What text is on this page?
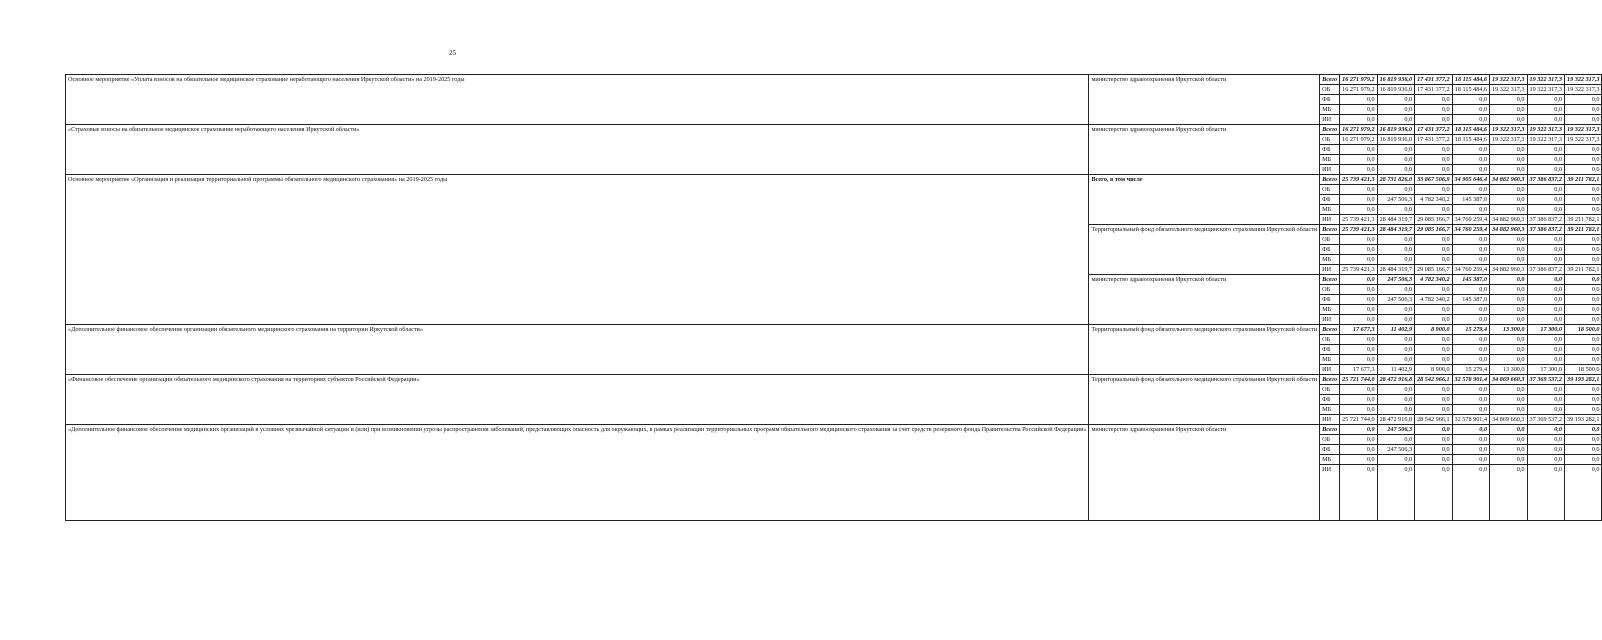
25
Основное мероприятие «Уплата взносов на обязательное медицинское страхование неработающего населения Иркутской области» на 2019-2025 годы	министерство здравоохранения Иркутской области	Всего	16 271 979,2	16 819 936,0	17 431 377,2	18 115 484,6	19 322 317,3	19 322 317,3	19 322 317,3
		ОБ	16 271 979,2	16 819 936,0	17 431 377,2	18 115 484,6	19 322 317,3	19 322 317,3	19 322 317,3
		ФБ	0,0	0,0	0,0	0,0	0,0	0,0	0,0
		МБ	0,0	0,0	0,0	0,0	0,0	0,0	0,0
		ИИ	0,0	0,0	0,0	0,0	0,0	0,0	0,0
«Страховые взносы на обязательное медицинское страхование неработающего населения Иркутской области»	министерство здравоохранения Иркутской области	Всего	16 271 979,2	16 819 936,0	17 431 377,2	18 115 484,6	19 322 317,3	19 322 317,3	19 322 317,3
		ОБ	16 271 979,2	16 819 936,0	17 431 377,2	18 115 484,6	19 322 317,3	19 322 317,3	19 322 317,3
		ФБ	0,0	0,0	0,0	0,0	0,0	0,0	0,0
		МБ	0,0	0,0	0,0	0,0	0,0	0,0	0,0
		ИИ	0,0	0,0	0,0	0,0	0,0	0,0	0,0
Основное мероприятие «Организация и реализация территориальной программы обязательного медицинского страхования» на 2019-2025 годы	Всего, в том числе	Всего	25 739 421,3	28 731 826,0	33 867 506,9	34 905 646,4	34 882 960,3	37 386 837,2	39 211 782,1
		ОБ	0,0	0,0	0,0	0,0	0,0	0,0	0,0
		ФБ	0,0	247 506,3	4 782 340,2	145 387,0	0,0	0,0	0,0
		МБ	0,0	0,0	0,0	0,0	0,0	0,0	0,0
		ИИ	25 739 421,3	28 484 319,7	29 085 166,7	34 760 259,4	34 882 960,3	37 386 837,2	39 211 782,1
	Территориальный фонд обязательного медицинского страхования Иркутской области	Всего	25 739 421,3	28 484 319,7	29 085 166,7	34 760 259,4	34 882 960,3	37 386 837,2	39 211 782,1
		ОБ	0,0	0,0	0,0	0,0	0,0	0,0	0,0
		ФБ	0,0	0,0	0,0	0,0	0,0	0,0	0,0
		МБ	0,0	0,0	0,0	0,0	0,0	0,0	0,0
		ИИ	25 739 421,3	28 484 319,7	29 085 166,7	34 760 259,4	34 882 960,3	37 386 837,2	39 211 782,1
	министерство здравоохранения Иркутской области	Всего	0,0	247 506,3	4 782 340,2	145 387,0	0,0	0,0	0,0
		ОБ	0,0	0,0	0,0	0,0	0,0	0,0	0,0
		ФБ	0,0	247 506,3	4 782 340,2	145 387,0	0,0	0,0	0,0
		МБ	0,0	0,0	0,0	0,0	0,0	0,0	0,0
		ИИ	0,0	0,0	0,0	0,0	0,0	0,0	0,0
«Дополнительное финансовое обеспечение организации обязательного медицинского страхования на территории Иркутской области»	Территориальный фонд обязательного медицинского страхования Иркутской области	Всего	17 677,3	11 402,9	8 900,0	15 279,4	13 300,0	17 300,0	18 500,0
		ОБ	0,0	0,0	0,0	0,0	0,0	0,0	0,0
		ФБ	0,0	0,0	0,0	0,0	0,0	0,0	0,0
		МБ	0,0	0,0	0,0	0,0	0,0	0,0	0,0
		ИИ	17 677,3	11 402,9	8 900,0	15 279,4	13 300,0	17 300,0	18 500,0
«Финансовое обеспечение организации обязательного медицинского страхования на территориях субъектов Российской Федерации»	Территориальный фонд обязательного медицинского страхования Иркутской области	Всего	25 721 744,0	28 472 916,8	28 542 966,1	32 578 901,4	34 869 660,3	37 369 537,2	39 193 282,1
		ОБ	0,0	0,0	0,0	0,0	0,0	0,0	0,0
		ФБ	0,0	0,0	0,0	0,0	0,0	0,0	0,0
		МБ	0,0	0,0	0,0	0,0	0,0	0,0	0,0
		ИИ	25 721 744,0	28 472 916,8	28 542 966,1	32 578 901,4	34 869 660,3	37 369 537,2	39 193 282,1
«Дополнительное финансовое обеспечение медицинских организаций в условиях чрезвычайной ситуации и (или) при возникновении угрозы распространения заболеваний, представляющих опасность для окружающих, в рамках реализации территориальных программ обязательного медицинского страхования за счет средств резервного фонда Правительства Российской Федерации»	министерство здравоохранения Иркутской области	Всего	0,0	247 506,3	0,0	0,0	0,0	0,0	0,0
		ОБ	0,0	0,0	0,0	0,0	0,0	0,0	0,0
		ФБ	0,0	247 506,3	0,0	0,0	0,0	0,0	0,0
		МБ	0,0	0,0	0,0	0,0	0,0	0,0	0,0
		ИИ	0,0	0,0	0,0	0,0	0,0	0,0	0,0
